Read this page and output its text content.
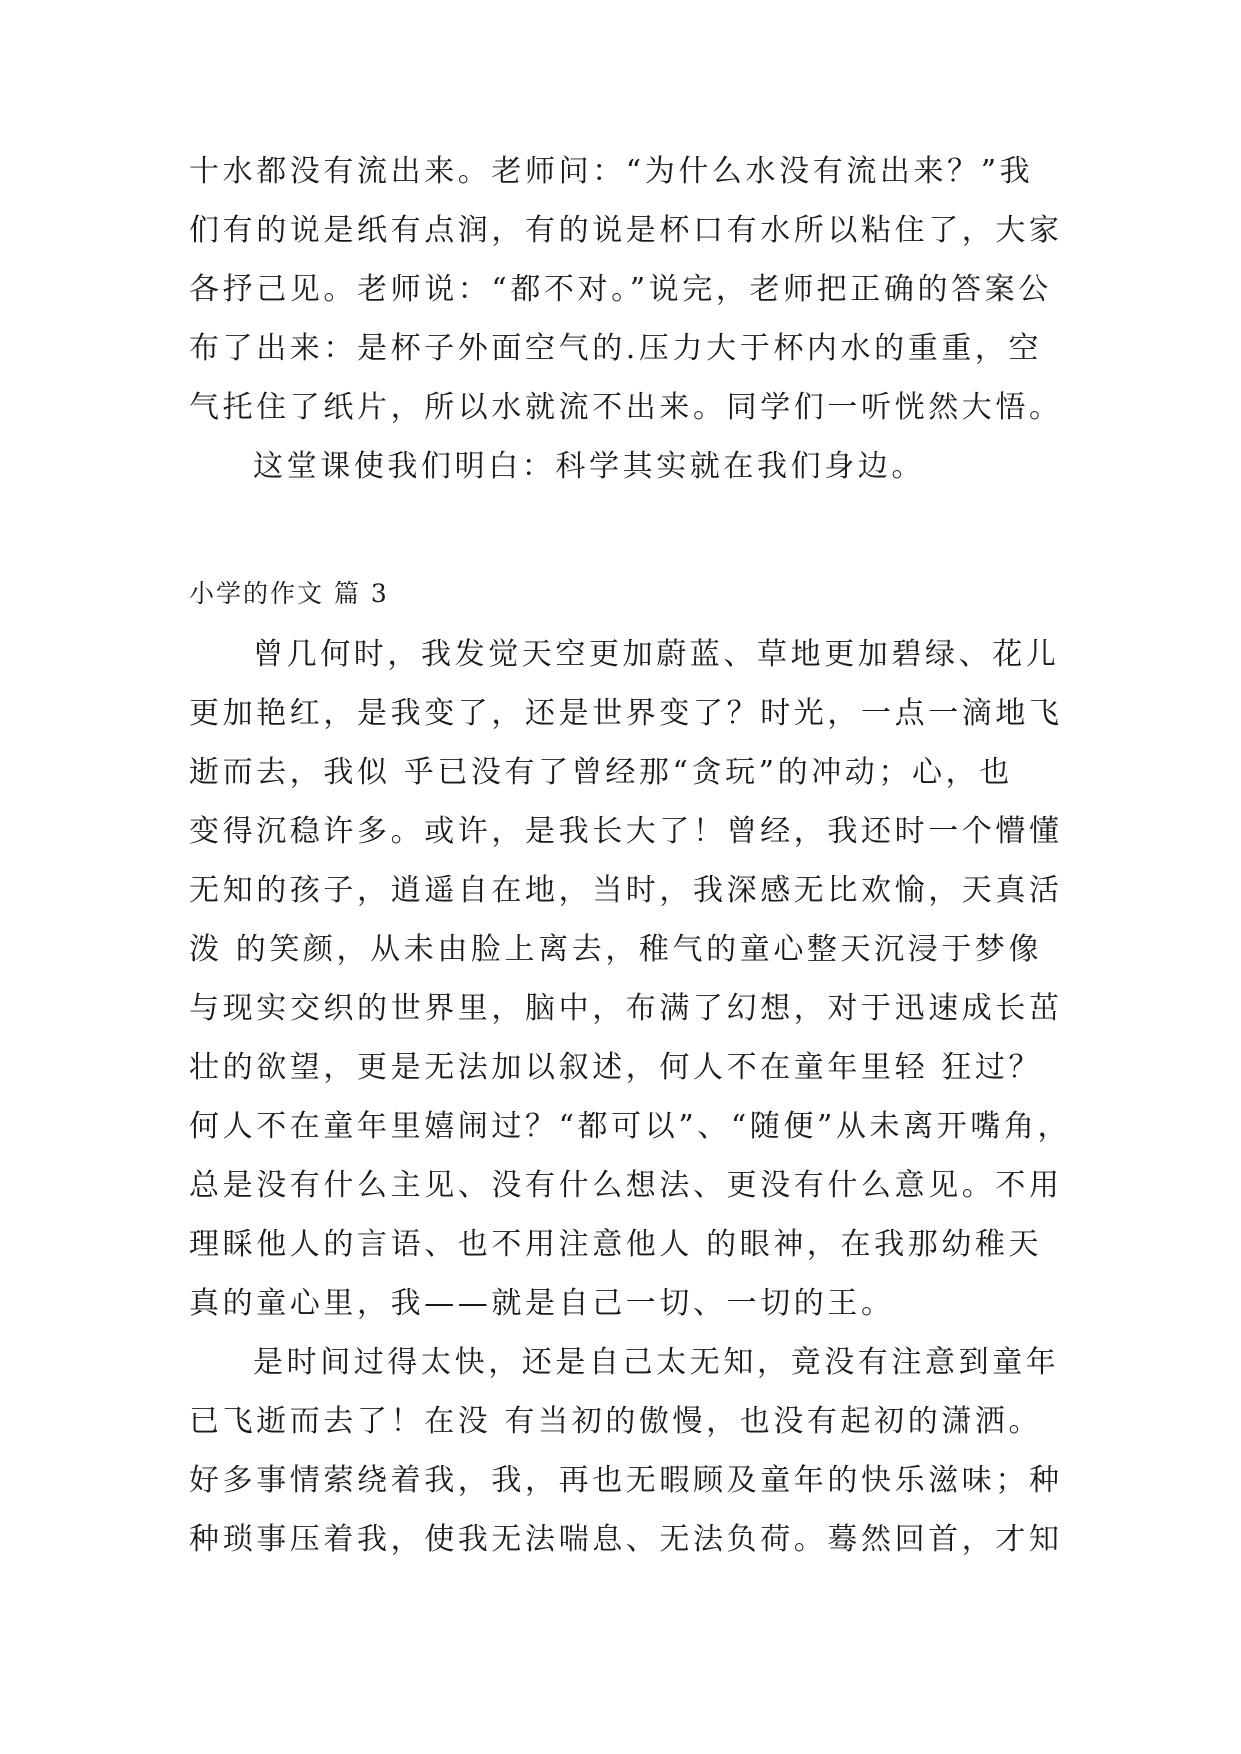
十水都没有流出来。老师问：“为什么水没有流出来？”我
们有的说是纸有点润，有的说是杯口有水所以粘住了，大家
各抒己见。老师说：“都不对。”说完，老师把正确的答案公
布了出来：是杯子外面空气的.压力大于杯内水的重重，空
气托住了纸片，所以水就流不出来。同学们一听恍然大悟。
这堂课使我们明白：科学其实就在我们身边。
小学的作文 篇 3
曾几何时，我发觉天空更加蔚蓝、草地更加碧绿、花儿
更加艳红，是我变了，还是世界变了？时光，一点一滴地飞
逝而去，我似 乎已没有了曾经那“贪玩”的冲动；心，也
变得沉稳许多。或许，是我长大了！曾经，我还时一个懵懂
无知的孩子，逍遥自在地，当时，我深感无比欢愉，天真活
泼 的笑颜，从未由脸上离去，稚气的童心整天沉浸于梦像
与现实交织的世界里，脑中，布满了幻想，对于迅速成长茁
壮的欲望，更是无法加以叙述，何人不在童年里轻 狂过？
何人不在童年里嬉闹过？“都可以”、“随便”从未离开嘴角，
总是没有什么主见、没有什么想法、更没有什么意见。不用
理睬他人的言语、也不用注意他人 的眼神，在我那幼稚天
真的童心里，我——就是自己一切、一切的王。
是时间过得太快，还是自己太无知，竟没有注意到童年
已飞逝而去了！在没 有当初的傲慢，也没有起初的潇洒。
好多事情萦绕着我，我，再也无暇顾及童年的快乐滋味；种
种琐事压着我，使我无法喘息、无法负荷。蓦然回首，才知
